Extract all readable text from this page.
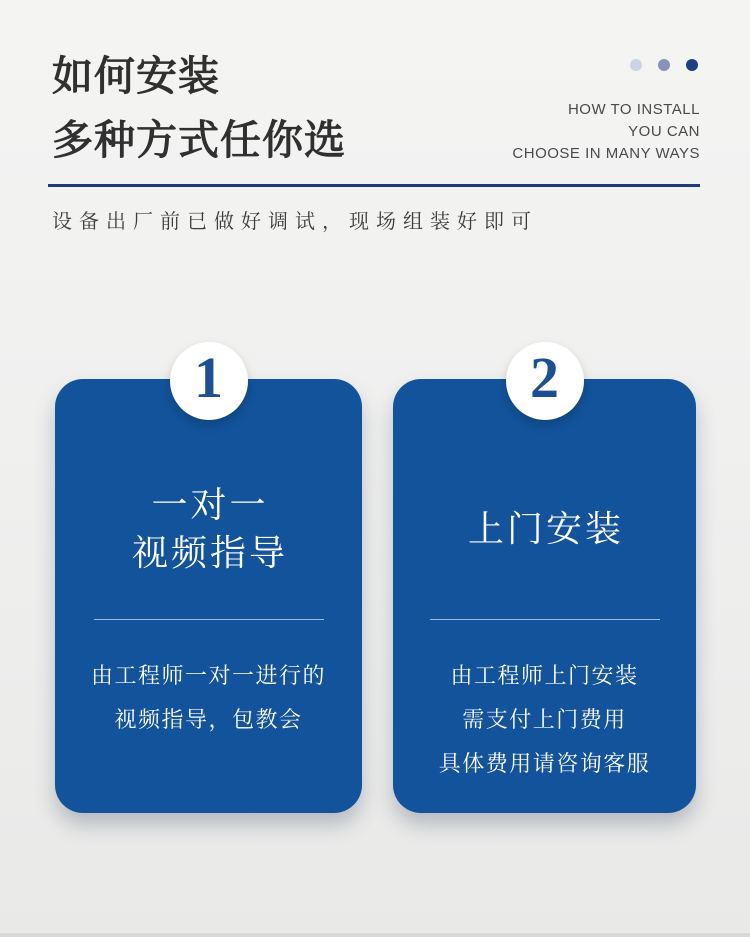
如何安装
多种方式任你选
HOW TO INSTALL
YOU CAN
CHOOSE IN MANY WAYS
设备出厂前已做好调试，现场组装好即可
1
一对一
视频指导
由工程师一对一进行的
视频指导，包教会
2
上门安装
由工程师上门安装
需支付上门费用
具体费用请咨询客服
